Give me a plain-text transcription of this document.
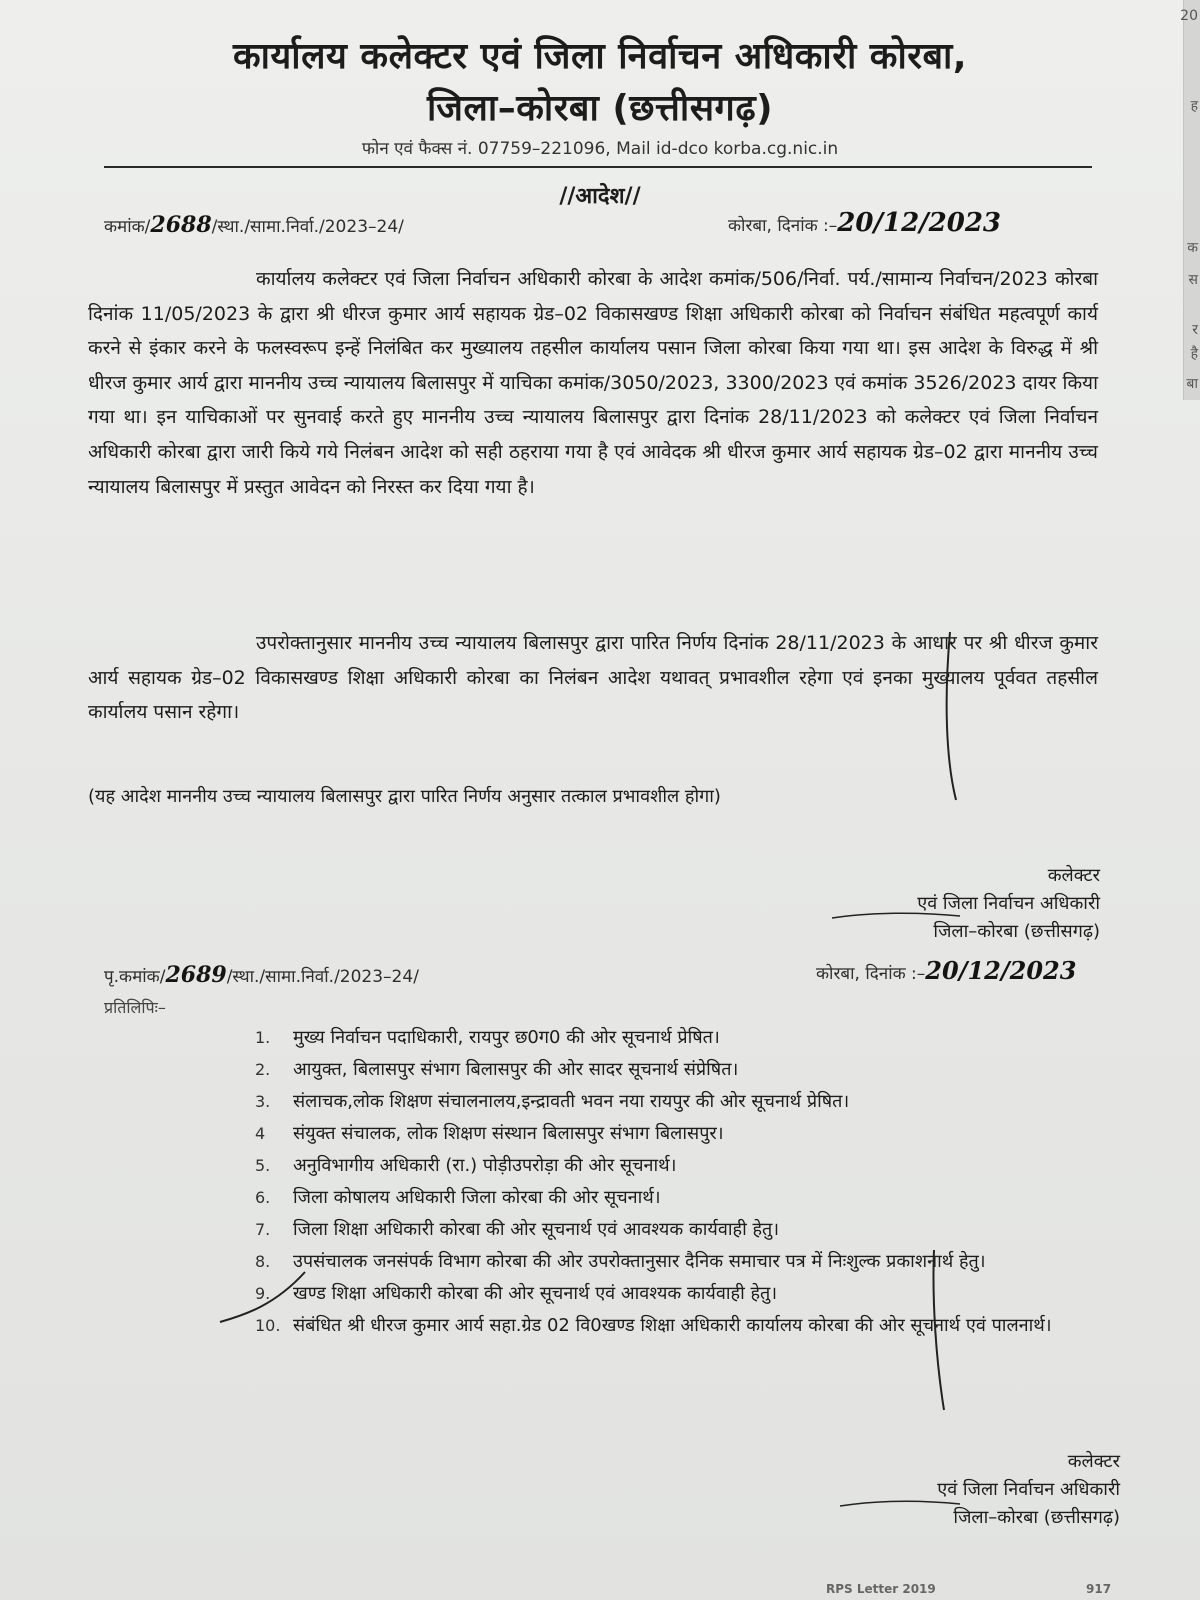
20
ह
क
स
र
है
बा
कार्यालय कलेक्टर एवं जिला निर्वाचन अधिकारी कोरबा,
जिला–कोरबा (छत्तीसगढ़)
फोन एवं फैक्स नं. 07759–221096, Mail id-dco korba.cg.nic.in
//आदेश//
कमांक/2688/स्था./सामा.निर्वा./2023–24/	कोरबा, दिनांक :–20/12/2023
कार्यालय कलेक्टर एवं जिला निर्वाचन अधिकारी कोरबा के आदेश कमांक/506/निर्वा. पर्य./सामान्य निर्वाचन/2023 कोरबा दिनांक 11/05/2023 के द्वारा श्री धीरज कुमार आर्य सहायक ग्रेड–02 विकासखण्ड शिक्षा अधिकारी कोरबा को निर्वाचन संबंधित महत्वपूर्ण कार्य करने से इंकार करने के फलस्वरूप इन्हें निलंबित कर मुख्यालय तहसील कार्यालय पसान जिला कोरबा किया गया था। इस आदेश के विरुद्ध में श्री धीरज कुमार आर्य द्वारा माननीय उच्च न्यायालय बिलासपुर में याचिका कमांक/3050/2023, 3300/2023 एवं कमांक 3526/2023 दायर किया गया था। इन याचिकाओं पर सुनवाई करते हुए माननीय उच्च न्यायालय बिलासपुर द्वारा दिनांक 28/11/2023 को कलेक्टर एवं जिला निर्वाचन अधिकारी कोरबा द्वारा जारी किये गये निलंबन आदेश को सही ठहराया गया है एवं आवेदक श्री धीरज कुमार आर्य सहायक ग्रेड–02 द्वारा माननीय उच्च न्यायालय बिलासपुर में प्रस्तुत आवेदन को निरस्त कर दिया गया है।
उपरोक्तानुसार माननीय उच्च न्यायालय बिलासपुर द्वारा पारित निर्णय दिनांक 28/11/2023 के आधार पर श्री धीरज कुमार आर्य सहायक ग्रेड–02 विकासखण्ड शिक्षा अधिकारी कोरबा का निलंबन आदेश यथावत् प्रभावशील रहेगा एवं इनका मुख्यालय पूर्ववत तहसील कार्यालय पसान रहेगा।
(यह आदेश माननीय उच्च न्यायालय बिलासपुर द्वारा पारित निर्णय अनुसार तत्काल प्रभावशील होगा)
कलेक्टर
एवं जिला निर्वाचन अधिकारी
जिला–कोरबा (छत्तीसगढ़)
पृ.कमांक/2689/स्था./सामा.निर्वा./2023–24/	कोरबा, दिनांक :–20/12/2023
प्रतिलिपिः–
1. मुख्य निर्वाचन पदाधिकारी, रायपुर छ0ग0 की ओर सूचनार्थ प्रेषित।
2. आयुक्त, बिलासपुर संभाग बिलासपुर की ओर सादर सूचनार्थ संप्रेषित।
3. संलाचक,लोक शिक्षण संचालनालय,इन्द्रावती भवन नया रायपुर की ओर सूचनार्थ प्रेषित।
4 संयुक्त संचालक, लोक शिक्षण संस्थान बिलासपुर संभाग बिलासपुर।
5. अनुविभागीय अधिकारी (रा.) पोड़ीउपरोड़ा की ओर सूचनार्थ।
6. जिला कोषालय अधिकारी जिला कोरबा की ओर सूचनार्थ।
7. जिला शिक्षा अधिकारी कोरबा की ओर सूचनार्थ एवं आवश्यक कार्यवाही हेतु।
8. उपसंचालक जनसंपर्क विभाग कोरबा की ओर उपरोक्तानुसार दैनिक समाचार पत्र में निःशुल्क प्रकाशनार्थ हेतु।
9. खण्ड शिक्षा अधिकारी कोरबा की ओर सूचनार्थ एवं आवश्यक कार्यवाही हेतु।
10. संबंधित श्री धीरज कुमार आर्य सहा.ग्रेड 02 वि0खण्ड शिक्षा अधिकारी कार्यालय कोरबा की ओर सूचनार्थ एवं पालनार्थ।
कलेक्टर
एवं जिला निर्वाचन अधिकारी
जिला–कोरबा (छत्तीसगढ़)
RPS Letter 2019	917
